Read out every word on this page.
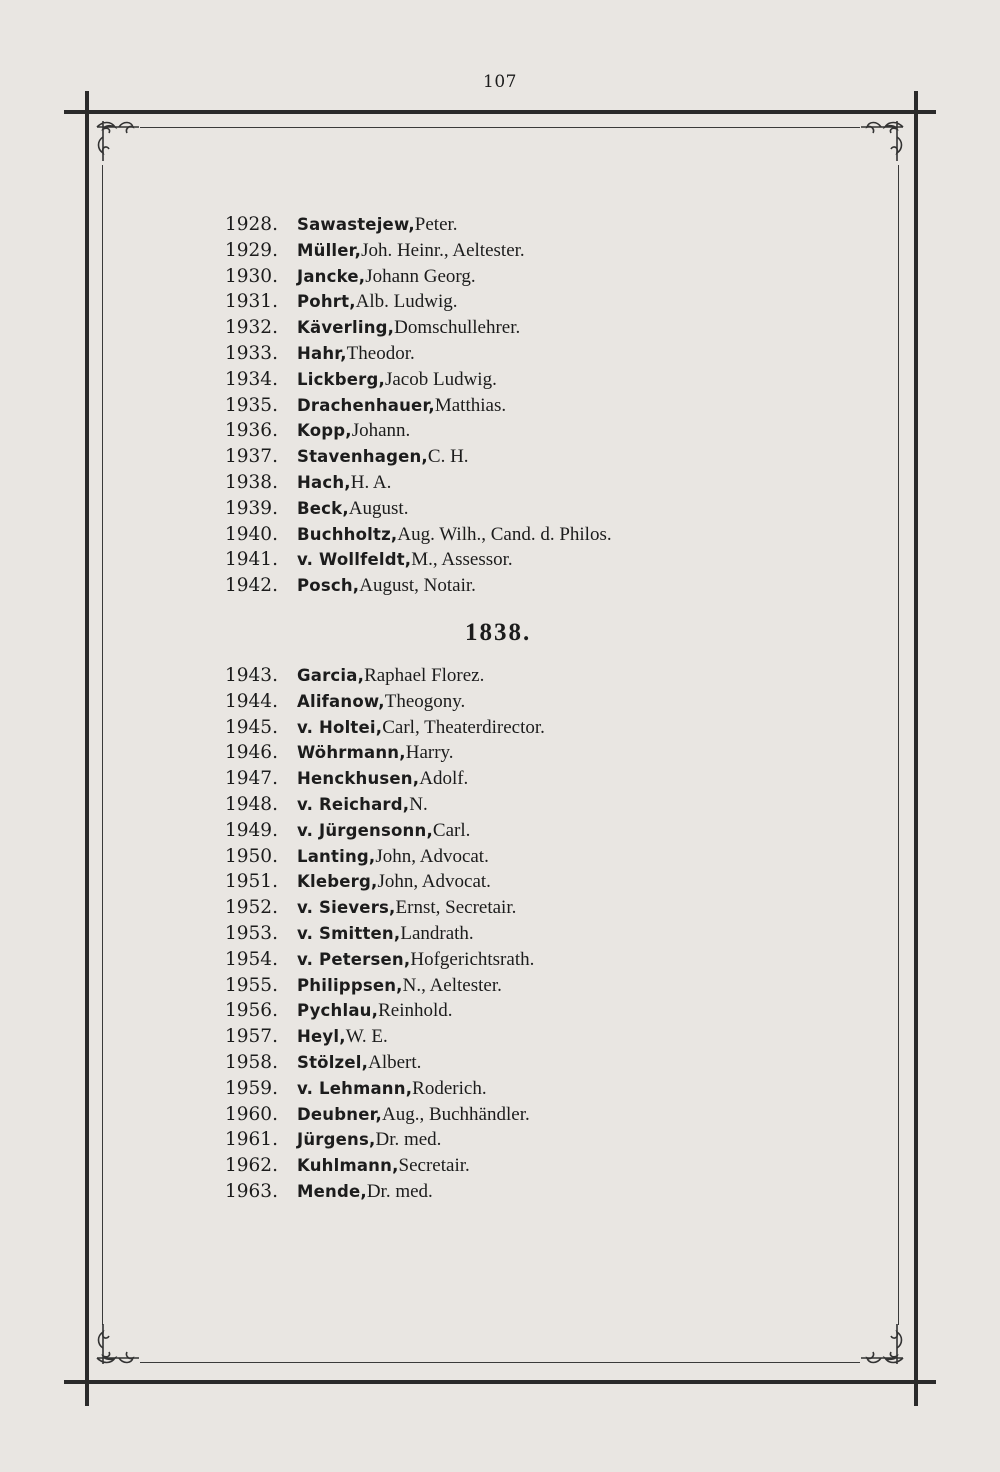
107
1928.	Sawastejew, Peter.
1929.	Müller, Joh. Heinr., Aeltester.
1930.	Jancke, Johann Georg.
1931.	Pohrt, Alb. Ludwig.
1932.	Käverling, Domschullehrer.
1933.	Hahr, Theodor.
1934.	Lickberg, Jacob Ludwig.
1935.	Drachenhauer, Matthias.
1936.	Kopp, Johann.
1937.	Stavenhagen, C. H.
1938.	Hach, H. A.
1939.	Beck, August.
1940.	Buchholtz, Aug. Wilh., Cand. d. Philos.
1941.	v. Wollfeldt, M., Assessor.
1942.	Posch, August, Notair.
1838.
1943.	Garcia, Raphael Florez.
1944.	Alifanow, Theogony.
1945.	v. Holtei, Carl, Theaterdirector.
1946.	Wöhrmann, Harry.
1947.	Henckhusen, Adolf.
1948.	v. Reichard, N.
1949.	v. Jürgensonn, Carl.
1950.	Lanting, John, Advocat.
1951.	Kleberg, John, Advocat.
1952.	v. Sievers, Ernst, Secretair.
1953.	v. Smitten, Landrath.
1954.	v. Petersen, Hofgerichtsrath.
1955.	Philippsen, N., Aeltester.
1956.	Pychlau, Reinhold.
1957.	Heyl, W. E.
1958.	Stölzel, Albert.
1959.	v. Lehmann, Roderich.
1960.	Deubner, Aug., Buchhändler.
1961.	Jürgens, Dr. med.
1962.	Kuhlmann, Secretair.
1963.	Mende, Dr. med.
